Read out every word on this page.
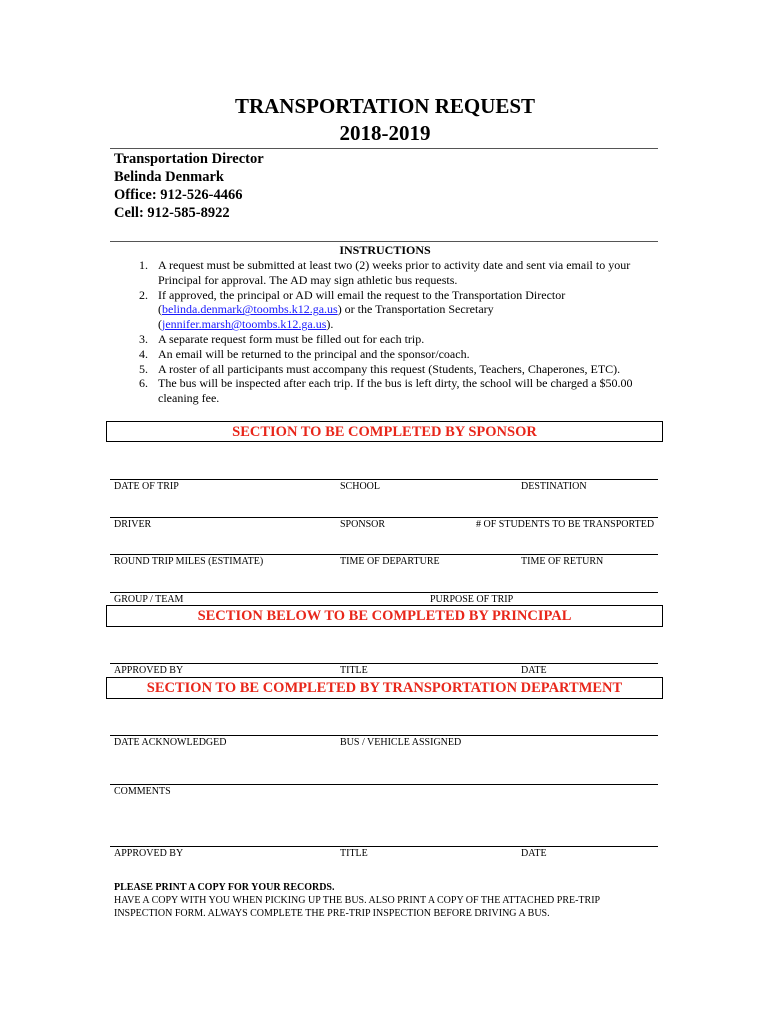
TRANSPORTATION REQUEST
2018-2019
Transportation Director
Belinda Denmark
Office: 912-526-4466
Cell: 912-585-8922
INSTRUCTIONS
1. A request must be submitted at least two (2) weeks prior to activity date and sent via email to your Principal for approval. The AD may sign athletic bus requests.
2. If approved, the principal or AD will email the request to the Transportation Director (belinda.denmark@toombs.k12.ga.us) or the Transportation Secretary (jennifer.marsh@toombs.k12.ga.us).
3. A separate request form must be filled out for each trip.
4. An email will be returned to the principal and the sponsor/coach.
5. A roster of all participants must accompany this request (Students, Teachers, Chaperones, ETC).
6. The bus will be inspected after each trip. If the bus is left dirty, the school will be charged a $50.00 cleaning fee.
SECTION TO BE COMPLETED BY SPONSOR
DATE OF TRIP	SCHOOL	DESTINATION
DRIVER	SPONSOR	# OF STUDENTS TO BE TRANSPORTED
ROUND TRIP MILES (ESTIMATE)	TIME OF DEPARTURE	TIME OF RETURN
GROUP / TEAM	PURPOSE OF TRIP
SECTION BELOW TO BE COMPLETED BY PRINCIPAL
APPROVED BY	TITLE	DATE
SECTION TO BE COMPLETED BY TRANSPORTATION DEPARTMENT
DATE ACKNOWLEDGED	BUS / VEHICLE ASSIGNED
COMMENTS
APPROVED BY	TITLE	DATE
PLEASE PRINT A COPY FOR YOUR RECORDS.
HAVE A COPY WITH YOU WHEN PICKING UP THE BUS. ALSO PRINT A COPY OF THE ATTACHED PRE-TRIP INSPECTION FORM. ALWAYS COMPLETE THE PRE-TRIP INSPECTION BEFORE DRIVING A BUS.
